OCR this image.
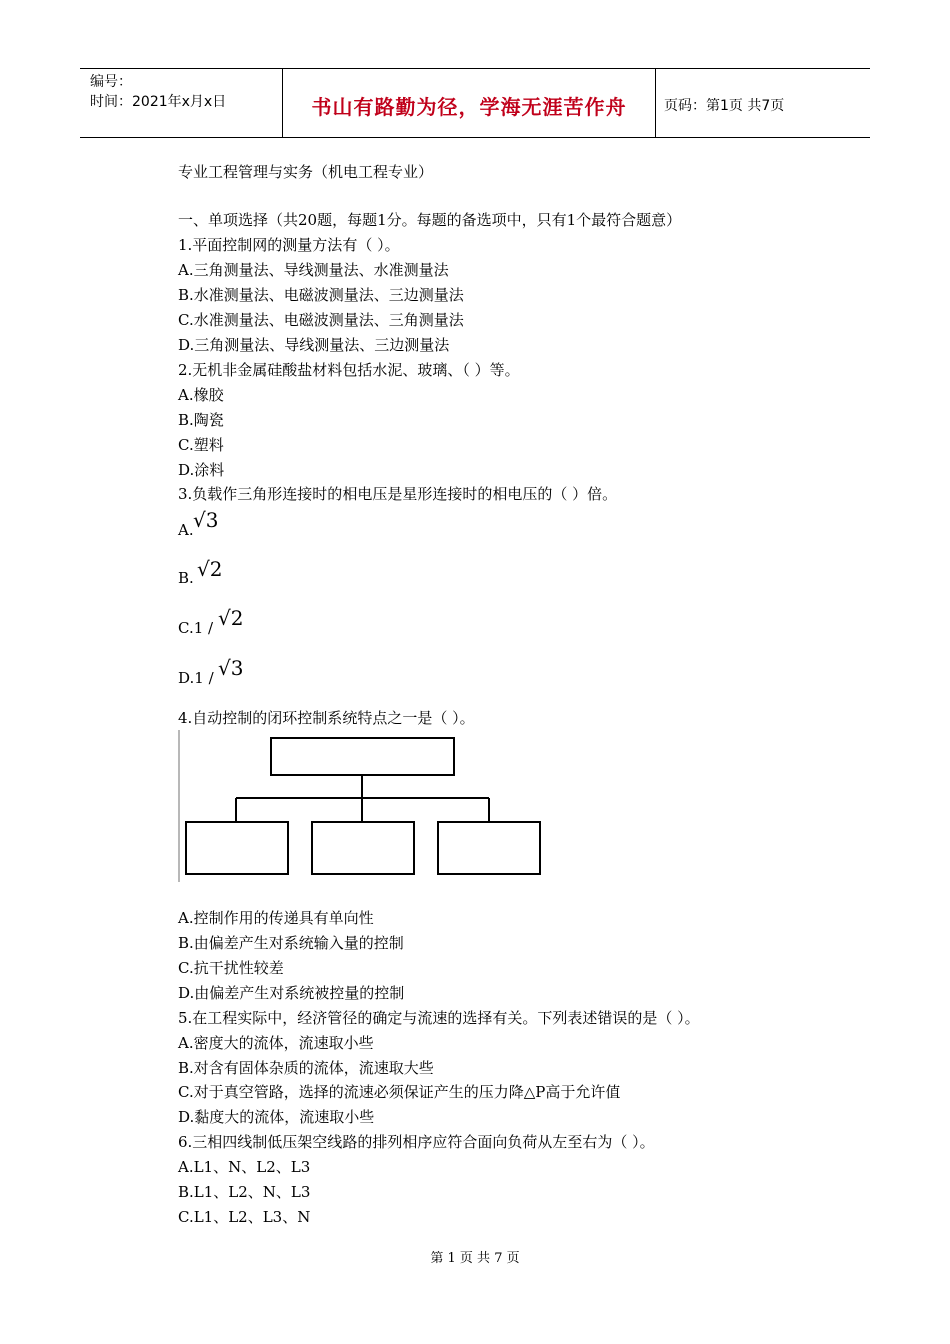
编号：
时间：2021年x月x日	书山有路勤为径，学海无涯苦作舟	页码：第1页 共7页
专业工程管理与实务（机电工程专业）
一、单项选择（共20题，每题1分。每题的备选项中，只有1个最符合题意）
1.平面控制网的测量方法有（ ）。
A.三角测量法、导线测量法、水准测量法
B.水准测量法、电磁波测量法、三边测量法
C.水准测量法、电磁波测量法、三角测量法
D.三角测量法、导线测量法、三边测量法
2.无机非金属硅酸盐材料包括水泥、玻璃、（ ）等。
A.橡胶
B.陶瓷
C.塑料
D.涂料
3.负载作三角形连接时的相电压是星形连接时的相电压的（ ）倍。
A. √3
B. √2
C.1 / √2
D.1 / √3
4.自动控制的闭环控制系统特点之一是（ ）。
A.控制作用的传递具有单向性
B.由偏差产生对系统输入量的控制
C.抗干扰性较差
D.由偏差产生对系统被控量的控制
5.在工程实际中，经济管径的确定与流速的选择有关。下列表述错误的是（ ）。
A.密度大的流体，流速取小些
B.对含有固体杂质的流体，流速取大些
C.对于真空管路，选择的流速必须保证产生的压力降△P高于允许值
D.黏度大的流体，流速取小些
6.三相四线制低压架空线路的排列相序应符合面向负荷从左至右为（ ）。
A.L1、N、L2、L3
B.L1、L2、N、L3
C.L1、L2、L3、N
第 1 页 共 7 页
